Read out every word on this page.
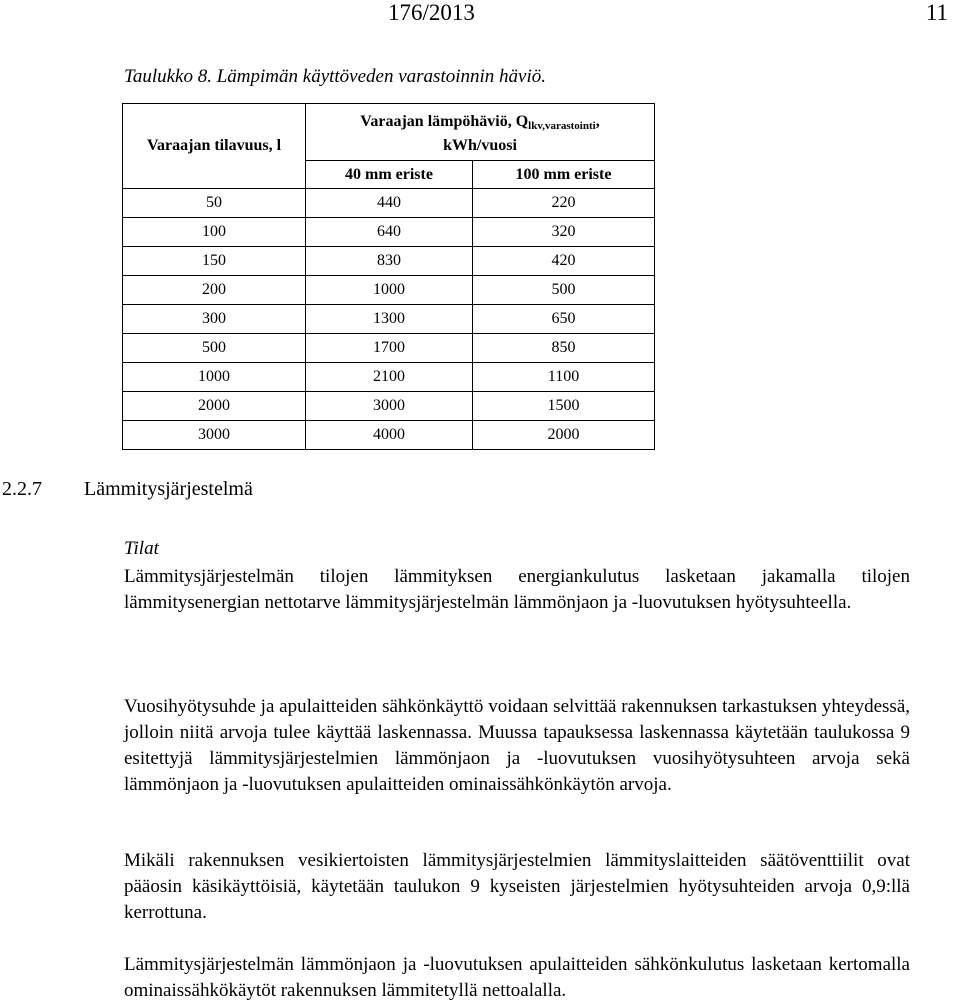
176/2013	11
Taulukko 8. Lämpimän käyttöveden varastoinnin häviö.
Varaajan tilavuus, l	Varaajan lämpöhäviö, $Q_{lkv,varastointi}$,
kWh/vuosi	
	40 mm eriste	100 mm eriste
50	440	220
100	640	320
150	830	420
200	1000	500
300	1300	650
500	1700	850
1000	2100	1100
2000	3000	1500
3000	4000	2000
2.2.7 Lämmitysjärjestelmä
Tilat

Lämmitysjärjestelmän tilojen lämmityksen energiankulutus lasketaan jakamalla tilojen lämmitysenergian nettotarve lämmitysjärjestelmän lämmönjaon ja -luovutuksen hyötysuhteella.

Vuosihyötysuhde ja apulaitteiden sähkönkäyttö voidaan selvittää rakennuksen tarkastuksen yhteydessä, jolloin niitä arvoja tulee käyttää laskennassa. Muussa tapauksessa laskennassa käytetään taulukossa 9 esitettyjä lämmitysjärjestelmien lämmönjaon ja -luovutuksen vuosihyötysuhteen arvoja sekä lämmönjaon ja -luovutuksen apulaitteiden ominaissähkönkäytön arvoja.

Mikäli rakennuksen vesikiertoisten lämmitysjärjestelmien lämmityslaitteiden säätöventtiilit ovat pääosin käsikäyttöisiä, käytetään taulukon 9 kyseisten järjestelmien hyötysuhteiden arvoja 0,9:llä kerrottuna.

Lämmitysjärjestelmän lämmönjaon ja -luovutuksen apulaitteiden sähkönkulutus lasketaan kertomalla ominaissähkökäytöt rakennuksen lämmitetyllä nettoalalla.
